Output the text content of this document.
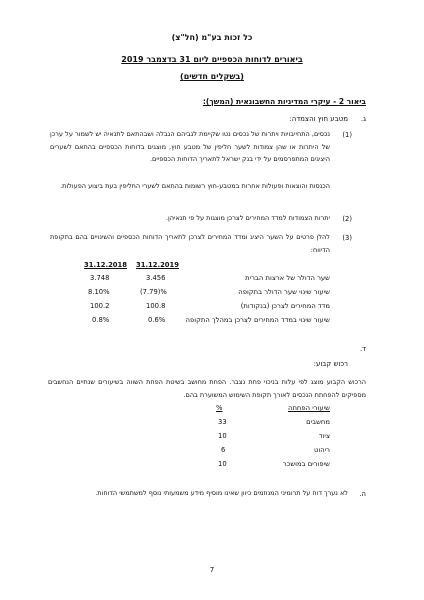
כל זכות בע"מ (חל"צ)
ביאורים לדוחות הכספיים ליום 31 בדצמבר 2019
(בשקלים חדשים)
ביאור 2 - עיקרי המדיניות החשבונאית (המשך):
ג.
מטבע חוץ והצמדה:
(1)
נכסים, התחייבויות ויתרות של נכסים נטו שקיימת לגביהם הגבלה ושבהתאם לתנאיה יש לשמור על ערכן של היתרות או שהן צמודות לשער חליפין של מטבע חוץ, מוצגים בדוחות הכספיים בהתאם לשערים היציגים המתפרסמים על ידי בנק ישראל לתאריך הדוחות הכספיים.
הכנסות והוצאות ופעולות אחרות במטבע-חוץ רשומות בהתאם לשערי החליפין בעת ביצוע הפעולות.
(2)
יתרות הצמודות למדד המחירים לצרכן מוצגות על פי תנאיהן.
(3)
להלן פרטים על השער היציג ומדד המחירים לצרכן לתאריך הדוחות הכספיים והשינויים בהם בתקופת הדיווח:
31.12.2019
31.12.2018
שער הדולר של ארצות הברית
3.456
3.748
שיעור שינוי שער הדולר בתקופה
(7.79)%
8.10%
מדד המחירים לצרכן (בנקודות)
100.8
100.2
שיעור שינוי במדד המחירים לצרכן במהלך התקופה
0.6%
0.8%
ד.
רכוש קבוע:
הרכוש הקבוע מוצג לפי עלות בניכוי פחת נצבר. הפחת מחושב בשיטת הפחת השווה בשיעורים שנתיים הנחשבים מספיקים להפחתת הנכסים לאורך תקופת השימוש המשוערת בהם.
%	שיעורי הפחתה
מחשבים
33
ציוד
10
ריהוט
6
שיפורים במושכר
10
ה.
לא נערך דוח על תרומיני המנוזמים כיוון שאינו מוסיף מידע משמעותי נוסף למשתמשי הדוחות.
7
